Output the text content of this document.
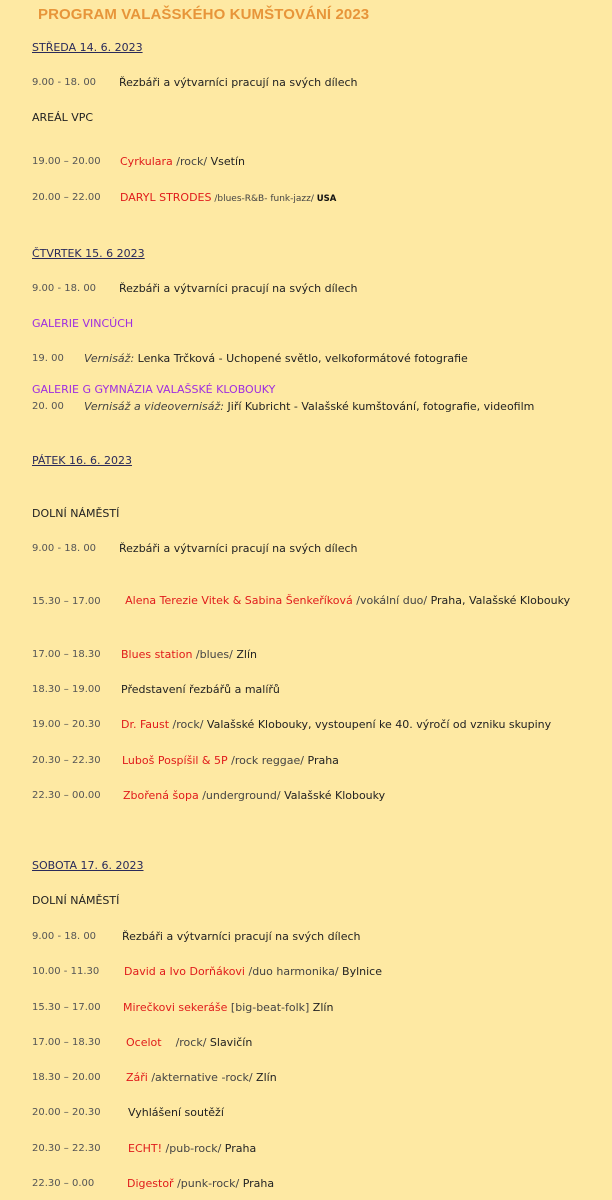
PROGRAM VALAŠSKÉHO KUMŠTOVÁNÍ 2023
STŘEDA 14. 6. 2023
9.00 - 18. 00 Řezbáři a výtvarníci pracují na svých dílech
AREÁL VPC
19.00 – 20.00 Cyrkulara /rock/ Vsetín
20.00 – 22.00 DARYL STRODES /blues-R&B- funk-jazz/ USA
ČTVRTEK 15. 6 2023
9.00 - 18. 00 Řezbáři a výtvarníci pracují na svých dílech
GALERIE VINCÚCH
19. 00 Vernisáž: Lenka Trčková - Uchopené světlo, velkoformátové fotografie
GALERIE G GYMNÁZIA VALAŠSKÉ KLOBOUKY
20. 00 Vernisáž a videovernisáž: Jiří Kubricht - Valašské kumštování, fotografie, videofilm
PÁTEK 16. 6. 2023
DOLNÍ NÁMĚSTÍ
9.00 - 18. 00 Řezbáři a výtvarníci pracují na svých dílech
15.30 – 17.00 Alena Terezie Vitek & Sabina Šenkeříková /vokální duo/ Praha, Valašské Klobouky
17.00 – 18.30 Blues station /blues/ Zlín
18.30 – 19.00 Představení řezbářů a malířů
19.00 – 20.30 Dr. Faust /rock/ Valašské Klobouky, vystoupení ke 40. výročí od vzniku skupiny
20.30 – 22.30 Luboš Pospíšil & 5P /rock reggae/ Praha
22.30 – 00.00 Zbořená šopa /underground/ Valašské Klobouky
SOBOTA 17. 6. 2023
DOLNÍ NÁMĚSTÍ
9.00 - 18. 00 Řezbáři a výtvarníci pracují na svých dílech
10.00 - 11.30 David a Ivo Dorňákovi /duo harmonika/ Bylnice
15.30 – 17.00 Mirečkovi sekeráše [big-beat-folk] Zlín
17.00 – 18.30 Ocelot    /rock/ Slavičín
18.30 – 20.00 Záři /akternative -rock/ Zlín
20.00 – 20.30 Vyhlášení soutěží
20.30 – 22.30 ECHT! /pub-rock/ Praha
22.30 – 0.00	Digestoř /punk-rock/ Praha
